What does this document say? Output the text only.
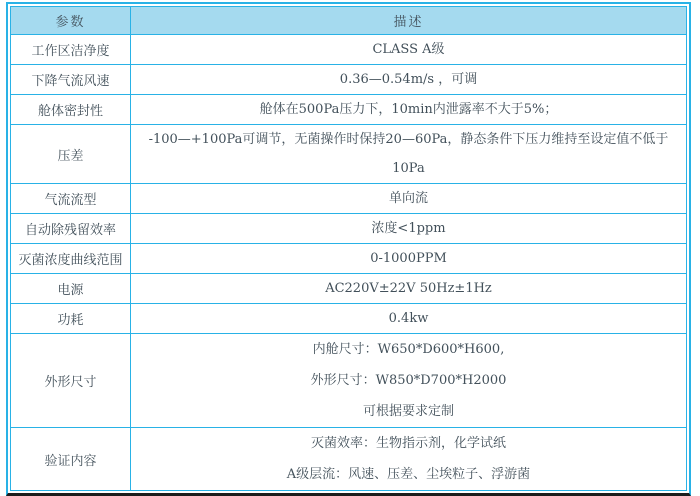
参数	描述
工作区洁净度	CLASS A级

下降气流风速	0.36—0.54m/s ，可调

舱体密封性	舱体在500Pa压力下，10min内泄露率不大于5%；

压差	-100—+100Pa可调节，无菌操作时保持20—60Pa，静态条件下压力维持至设定值不低于10Pa

气流流型	单向流

自动除残留效率	浓度<1ppm

灭菌浓度曲线范围	0-1000PPM

电源	AC220V±22V 50Hz±1Hz

功耗	0.4kw

外形尺寸	内舱尺寸：W650*D600*H600,
外形尺寸：W850*D700*H2000
可根据要求定制

验证内容	灭菌效率：生物指示剂，化学试纸
A级层流：风速、压差、尘埃粒子、浮游菌
